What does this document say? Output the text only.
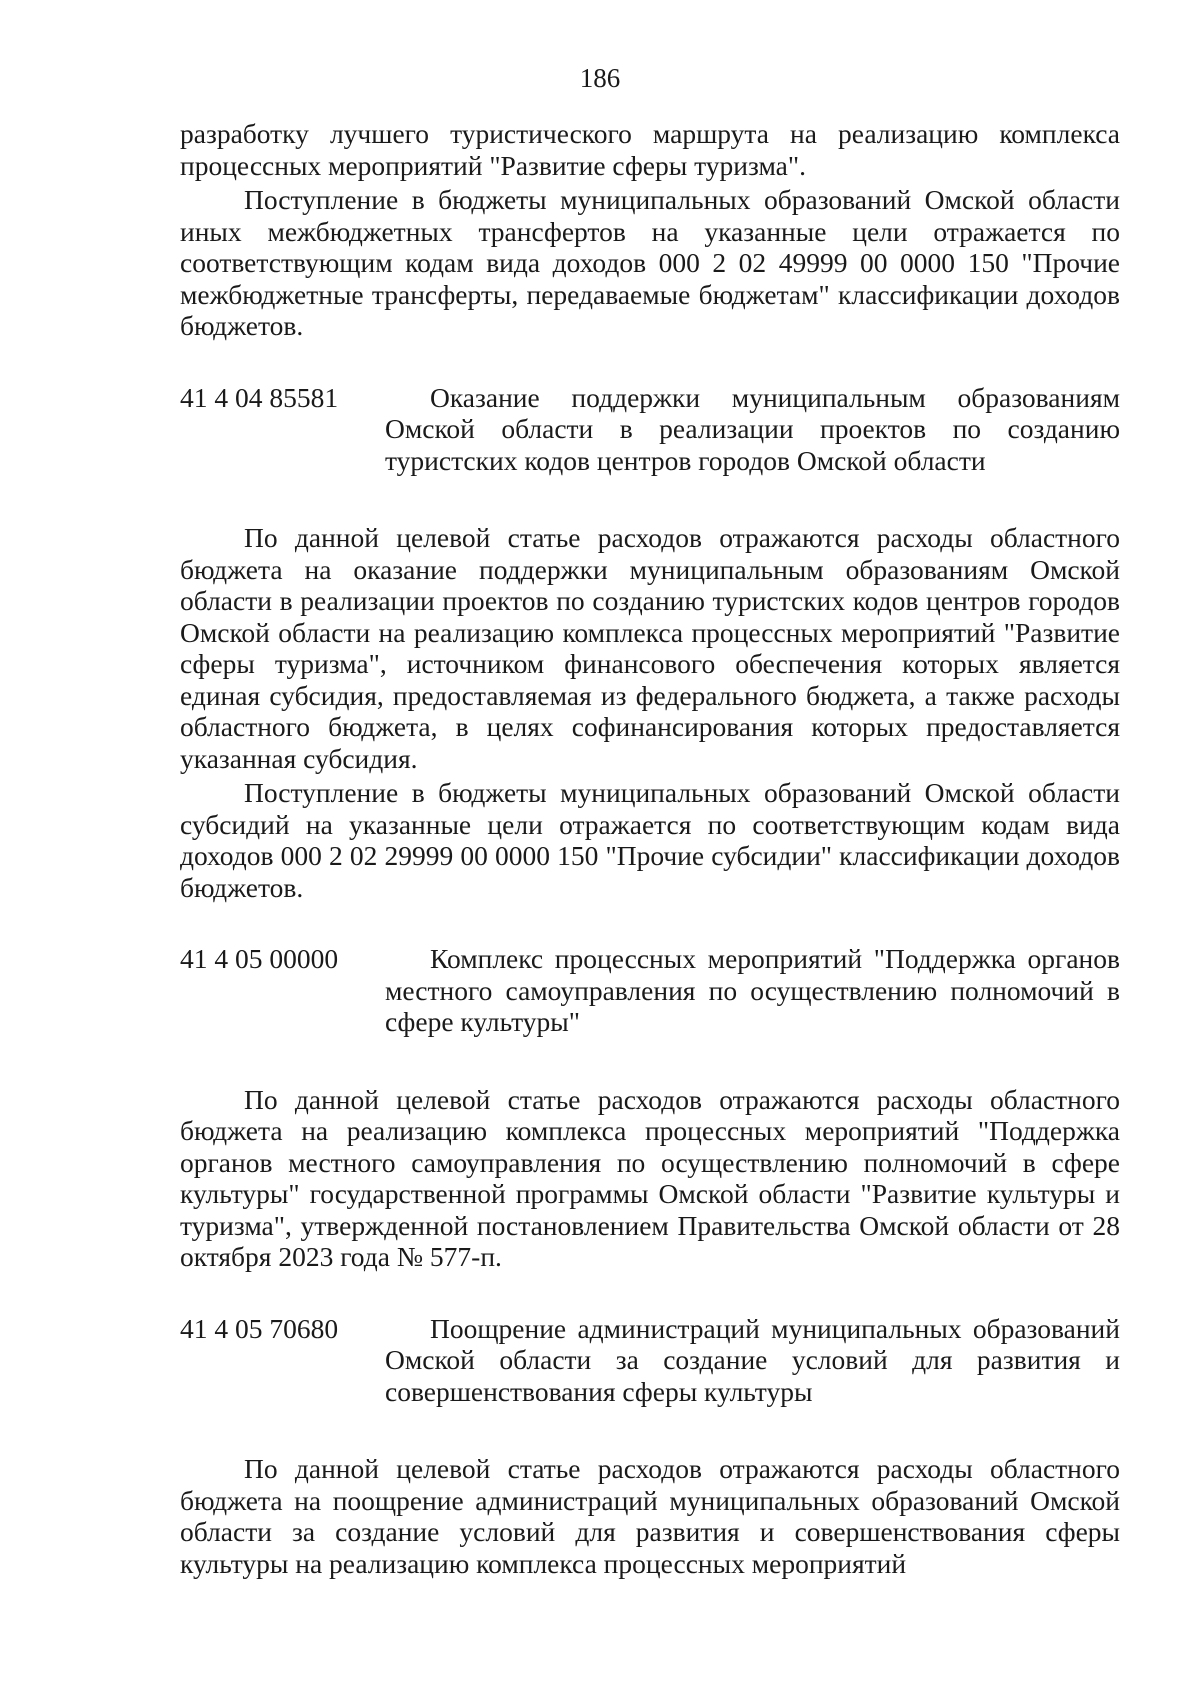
186

разработку лучшего туристического маршрута на реализацию комплекса процессных мероприятий "Развитие сферы туризма".

Поступление в бюджеты муниципальных образований Омской области иных межбюджетных трансфертов на указанные цели отражается по соответствующим кодам вида доходов 000 2 02 49999 00 0000 150 "Прочие межбюджетные трансферты, передаваемые бюджетам" классификации доходов бюджетов.

41 4 04 85581	Оказание поддержки муниципальным образованиям Омской области в реализации проектов по созданию туристских кодов центров городов Омской области

По данной целевой статье расходов отражаются расходы областного бюджета на оказание поддержки муниципальным образованиям Омской области в реализации проектов по созданию туристских кодов центров городов Омской области на реализацию комплекса процессных мероприятий "Развитие сферы туризма", источником финансового обеспечения которых является единая субсидия, предоставляемая из федерального бюджета, а также расходы областного бюджета, в целях софинансирования которых предоставляется указанная субсидия.

Поступление в бюджеты муниципальных образований Омской области субсидий на указанные цели отражается по соответствующим кодам вида доходов 000 2 02 29999 00 0000 150 "Прочие субсидии" классификации доходов бюджетов.

41 4 05 00000	Комплекс процессных мероприятий "Поддержка органов местного самоуправления по осуществлению полномочий в сфере культуры"

По данной целевой статье расходов отражаются расходы областного бюджета на реализацию комплекса процессных мероприятий "Поддержка органов местного самоуправления по осуществлению полномочий в сфере культуры" государственной программы Омской области "Развитие культуры и туризма", утвержденной постановлением Правительства Омской области от 28 октября 2023 года № 577-п.

41 4 05 70680	Поощрение администраций муниципальных образований Омской области за создание условий для развития и совершенствования сферы культуры

По данной целевой статье расходов отражаются расходы областного бюджета на поощрение администраций муниципальных образований Омской области за создание условий для развития и совершенствования сферы культуры на реализацию комплекса процессных мероприятий
